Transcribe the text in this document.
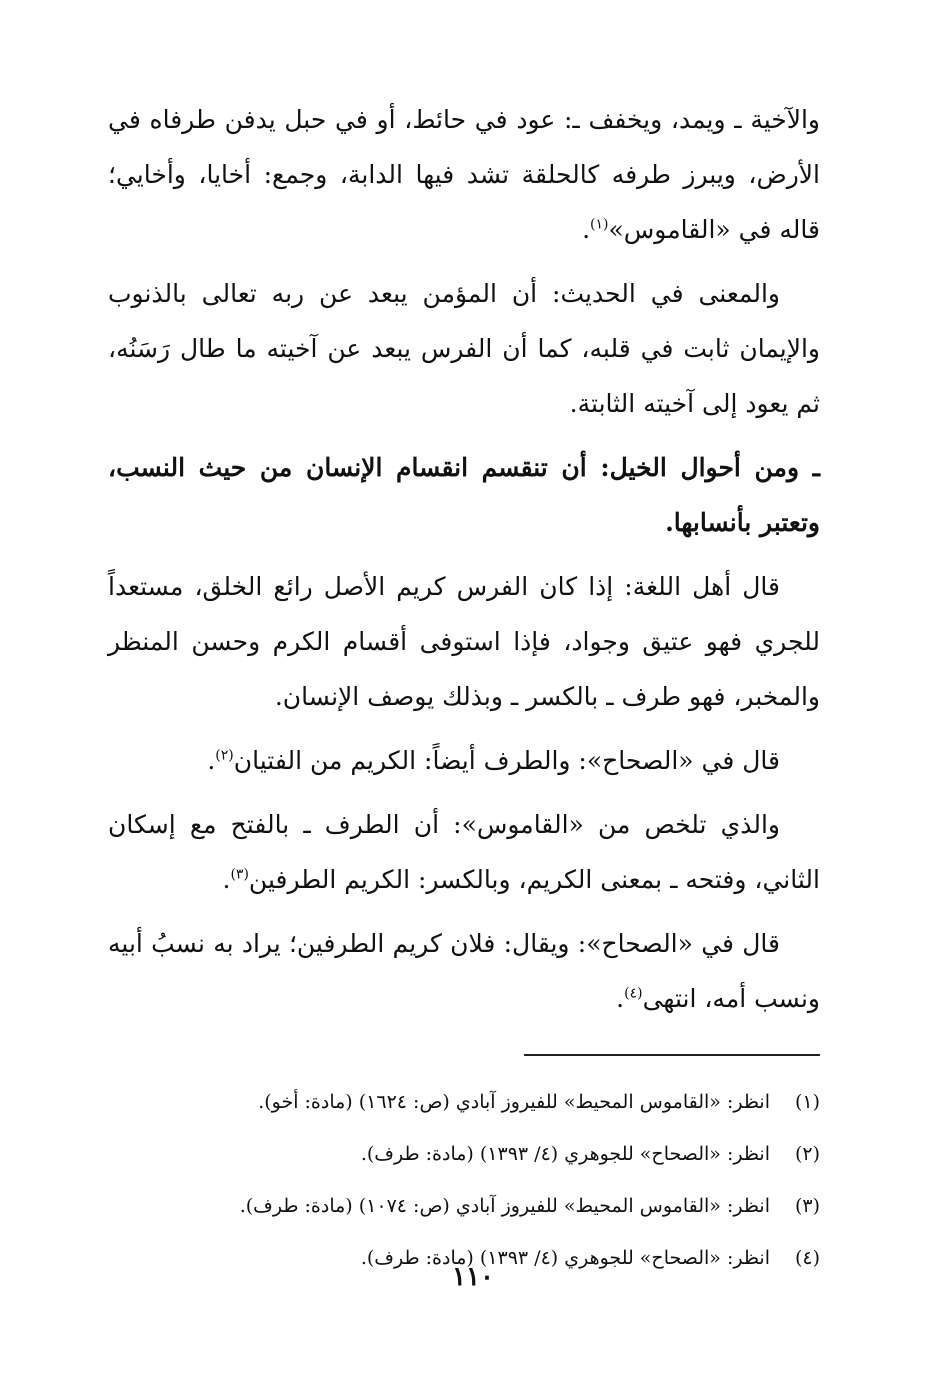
والآخية ـ ويمد، ويخفف ـ: عود في حائط، أو في حبل يدفن طرفاه في الأرض، ويبرز طرفه كالحلقة تشد فيها الدابة، وجمع: أخايا، وأخايي؛ قاله في «القاموس»$^{(١)}$.

والمعنى في الحديث: أن المؤمن يبعد عن ربه تعالى بالذنوب والإيمان ثابت في قلبه، كما أن الفرس يبعد عن آخيته ما طال رَسَنُه، ثم يعود إلى آخيته الثابتة.

ـ ومن أحوال الخيل: أن تنقسم انقسام الإنسان من حيث النسب، وتعتبر بأنسابها.

قال أهل اللغة: إذا كان الفرس كريم الأصل رائع الخلق، مستعداً للجري فهو عتيق وجواد، فإذا استوفى أقسام الكرم وحسن المنظر والمخبر، فهو طرف ـ بالكسر ـ وبذلك يوصف الإنسان.

قال في «الصحاح»: والطرف أيضاً: الكريم من الفتيان$^{(٢)}$.

والذي تلخص من «القاموس»: أن الطرف ـ بالفتح مع إسكان الثاني، وفتحه ـ بمعنى الكريم، وبالكسر: الكريم الطرفين$^{(٣)}$.

قال في «الصحاح»: ويقال: فلان كريم الطرفين؛ يراد به نسبُ أبيه ونسب أمه، انتهى$^{(٤)}$.

(١)
انظر: «القاموس المحيط» للفيروز آبادي (ص: ١٦٢٤) (مادة: أخو).
(٢)
انظر: «الصحاح» للجوهري (٤/ ١٣٩٣) (مادة: طرف).
(٣)
انظر: «القاموس المحيط» للفيروز آبادي (ص: ١٠٧٤) (مادة: طرف).
(٤)
انظر: «الصحاح» للجوهري (٤/ ١٣٩٣) (مادة: طرف).
١١٠
